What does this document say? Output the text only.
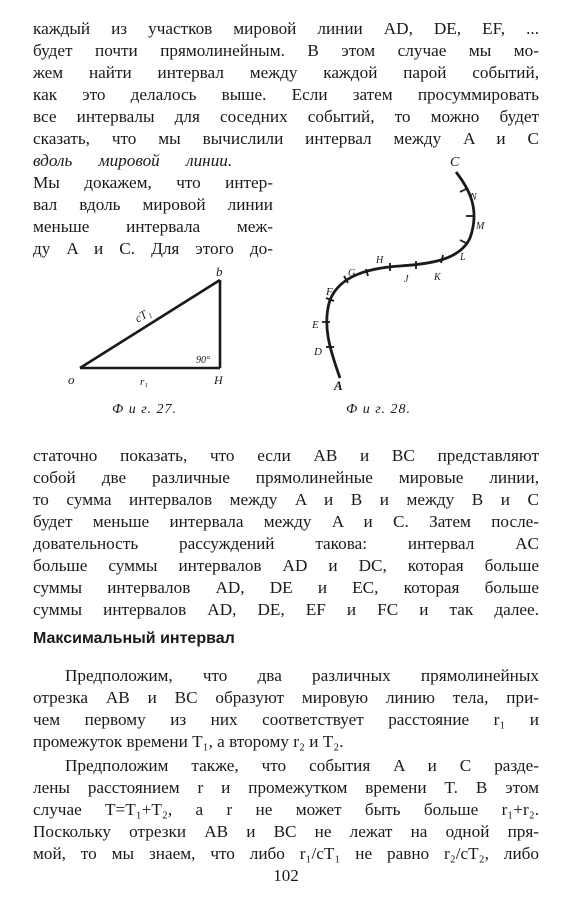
каждый из участков мировой линии AD, DE, EF, ...
будет почти прямолинейным. В этом случае мы мо-
жем найти интервал между каждой парой событий,
как это делалось выше. Если затем просуммировать
все интервалы для соседних событий, то можно будет
сказать, что мы вычислили интервал между A и C
вдоль мировой линии.
Мы докажем, что интер-
вал вдоль мировой линии
меньше интервала меж-
ду A и C. Для этого до-
o
b
H
cT₁
r₁
90°
Ф и г. 27.
A
D
E
F
G
H
J	K
L
M
N
C
Ф и г. 28.
статочно показать, что если AB и BC представляют
собой две различные прямолинейные мировые линии,
то сумма интервалов между A и B и между B и C
будет меньше интервала между A и C. Затем после-
довательность рассуждений такова: интервал AC
больше суммы интервалов AD и DC, которая больше
суммы интервалов AD, DE и EC, которая больше
суммы интервалов AD, DE, EF и FC и так далее.
Максимальный интервал
Предположим, что два различных прямолинейных
отрезка AB и BC образуют мировую линию тела, при-
чем первому из них соответствует расстояние r₁ и
промежуток времени T₁, а второму r₂ и T₂.
Предположим также, что события A и C разде-
лены расстоянием r и промежутком времени T. В этом
случае T=T₁+T₂, а r не может быть больше r₁+r₂.
Поскольку отрезки AB и BC не лежат на одной пря-
мой, то мы знаем, что либо r₁/cT₁ не равно r₂/cT₂, либо
102
